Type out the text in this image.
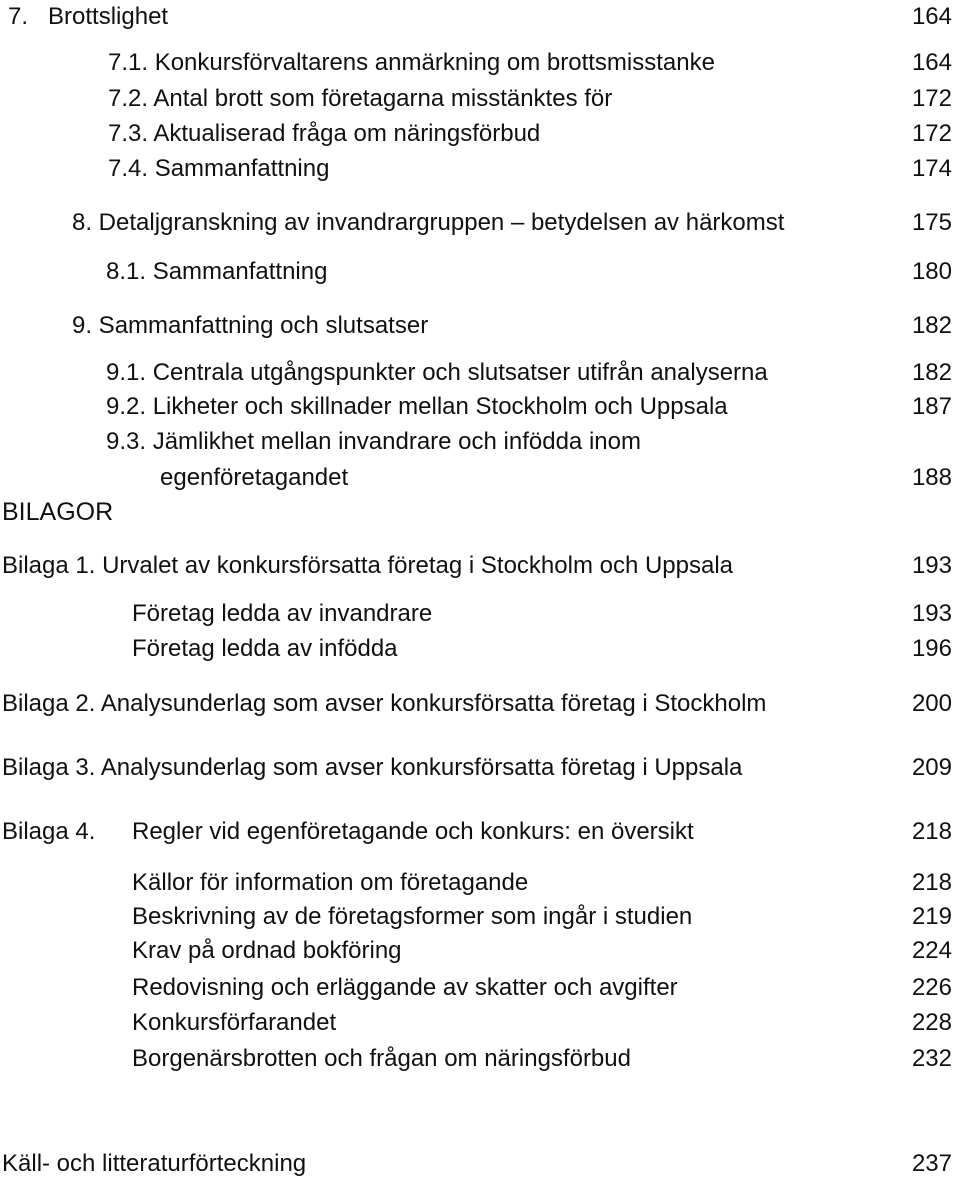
7.   Brottslighet	164
7.1. Konkursförvaltarens anmärkning om brottsmisstanke	164
7.2. Antal brott som företagarna misstänktes för	172
7.3. Aktualiserad fråga om näringsförbud	172
7.4. Sammanfattning	174
8. Detaljgranskning av invandrargruppen – betydelsen av härkomst	175
8.1. Sammanfattning	180
9. Sammanfattning och slutsatser	182
9.1. Centrala utgångspunkter och slutsatser utifrån analyserna	182
9.2. Likheter och skillnader mellan Stockholm och Uppsala	187
9.3. Jämlikhet mellan invandrare och infödda inom
egenföretagandet	188
BILAGOR
Bilaga 1. Urvalet av konkursförsatta företag i Stockholm och Uppsala	193
Företag ledda av invandrare	193
Företag ledda av infödda	196
Bilaga 2. Analysunderlag som avser konkursförsatta företag i Stockholm	200
Bilaga 3. Analysunderlag som avser konkursförsatta företag i Uppsala	209
Bilaga 4. Regler vid egenföretagande och konkurs: en översikt	218
Källor för information om företagande	218
Beskrivning av de företagsformer som ingår i studien	219
Krav på ordnad bokföring	224
Redovisning och erläggande av skatter och avgifter	226
Konkursförfarandet	228
Borgenärsbrotten och frågan om näringsförbud	232
Käll- och litteraturförteckning	237
